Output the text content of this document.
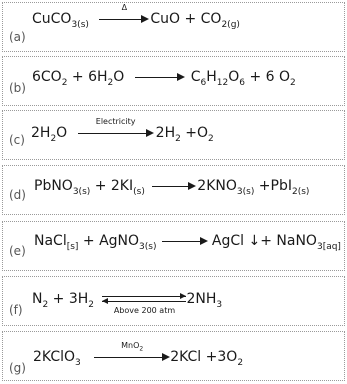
(a)
CuCO$_{3(s)}$
Δ
CuO + $CO_{2(g)}$
(b)
$6CO_2 + 6H_2O$	$C_6H_{12}O_6 + 6$ $O_2$
(c) $2H_2O$
Electricity
$2H_2 +O_2$
(d)
PbNO$_{3(s)}$ + $2KI_{(s)}$	$2KNO_{3(s)} +PbI_{2(s)}$
(e)
NaCl$_{[s]}$ + AgNO$_{3(s)}$	AgCl ↓+ NaNO$_{3[aq]}$
(f)
$N_2 + 3H_2$
Above 200 atm
$2NH_3$
(g)
2KClO$_3$
MnO$_2$	$2KCl +3O_2$
